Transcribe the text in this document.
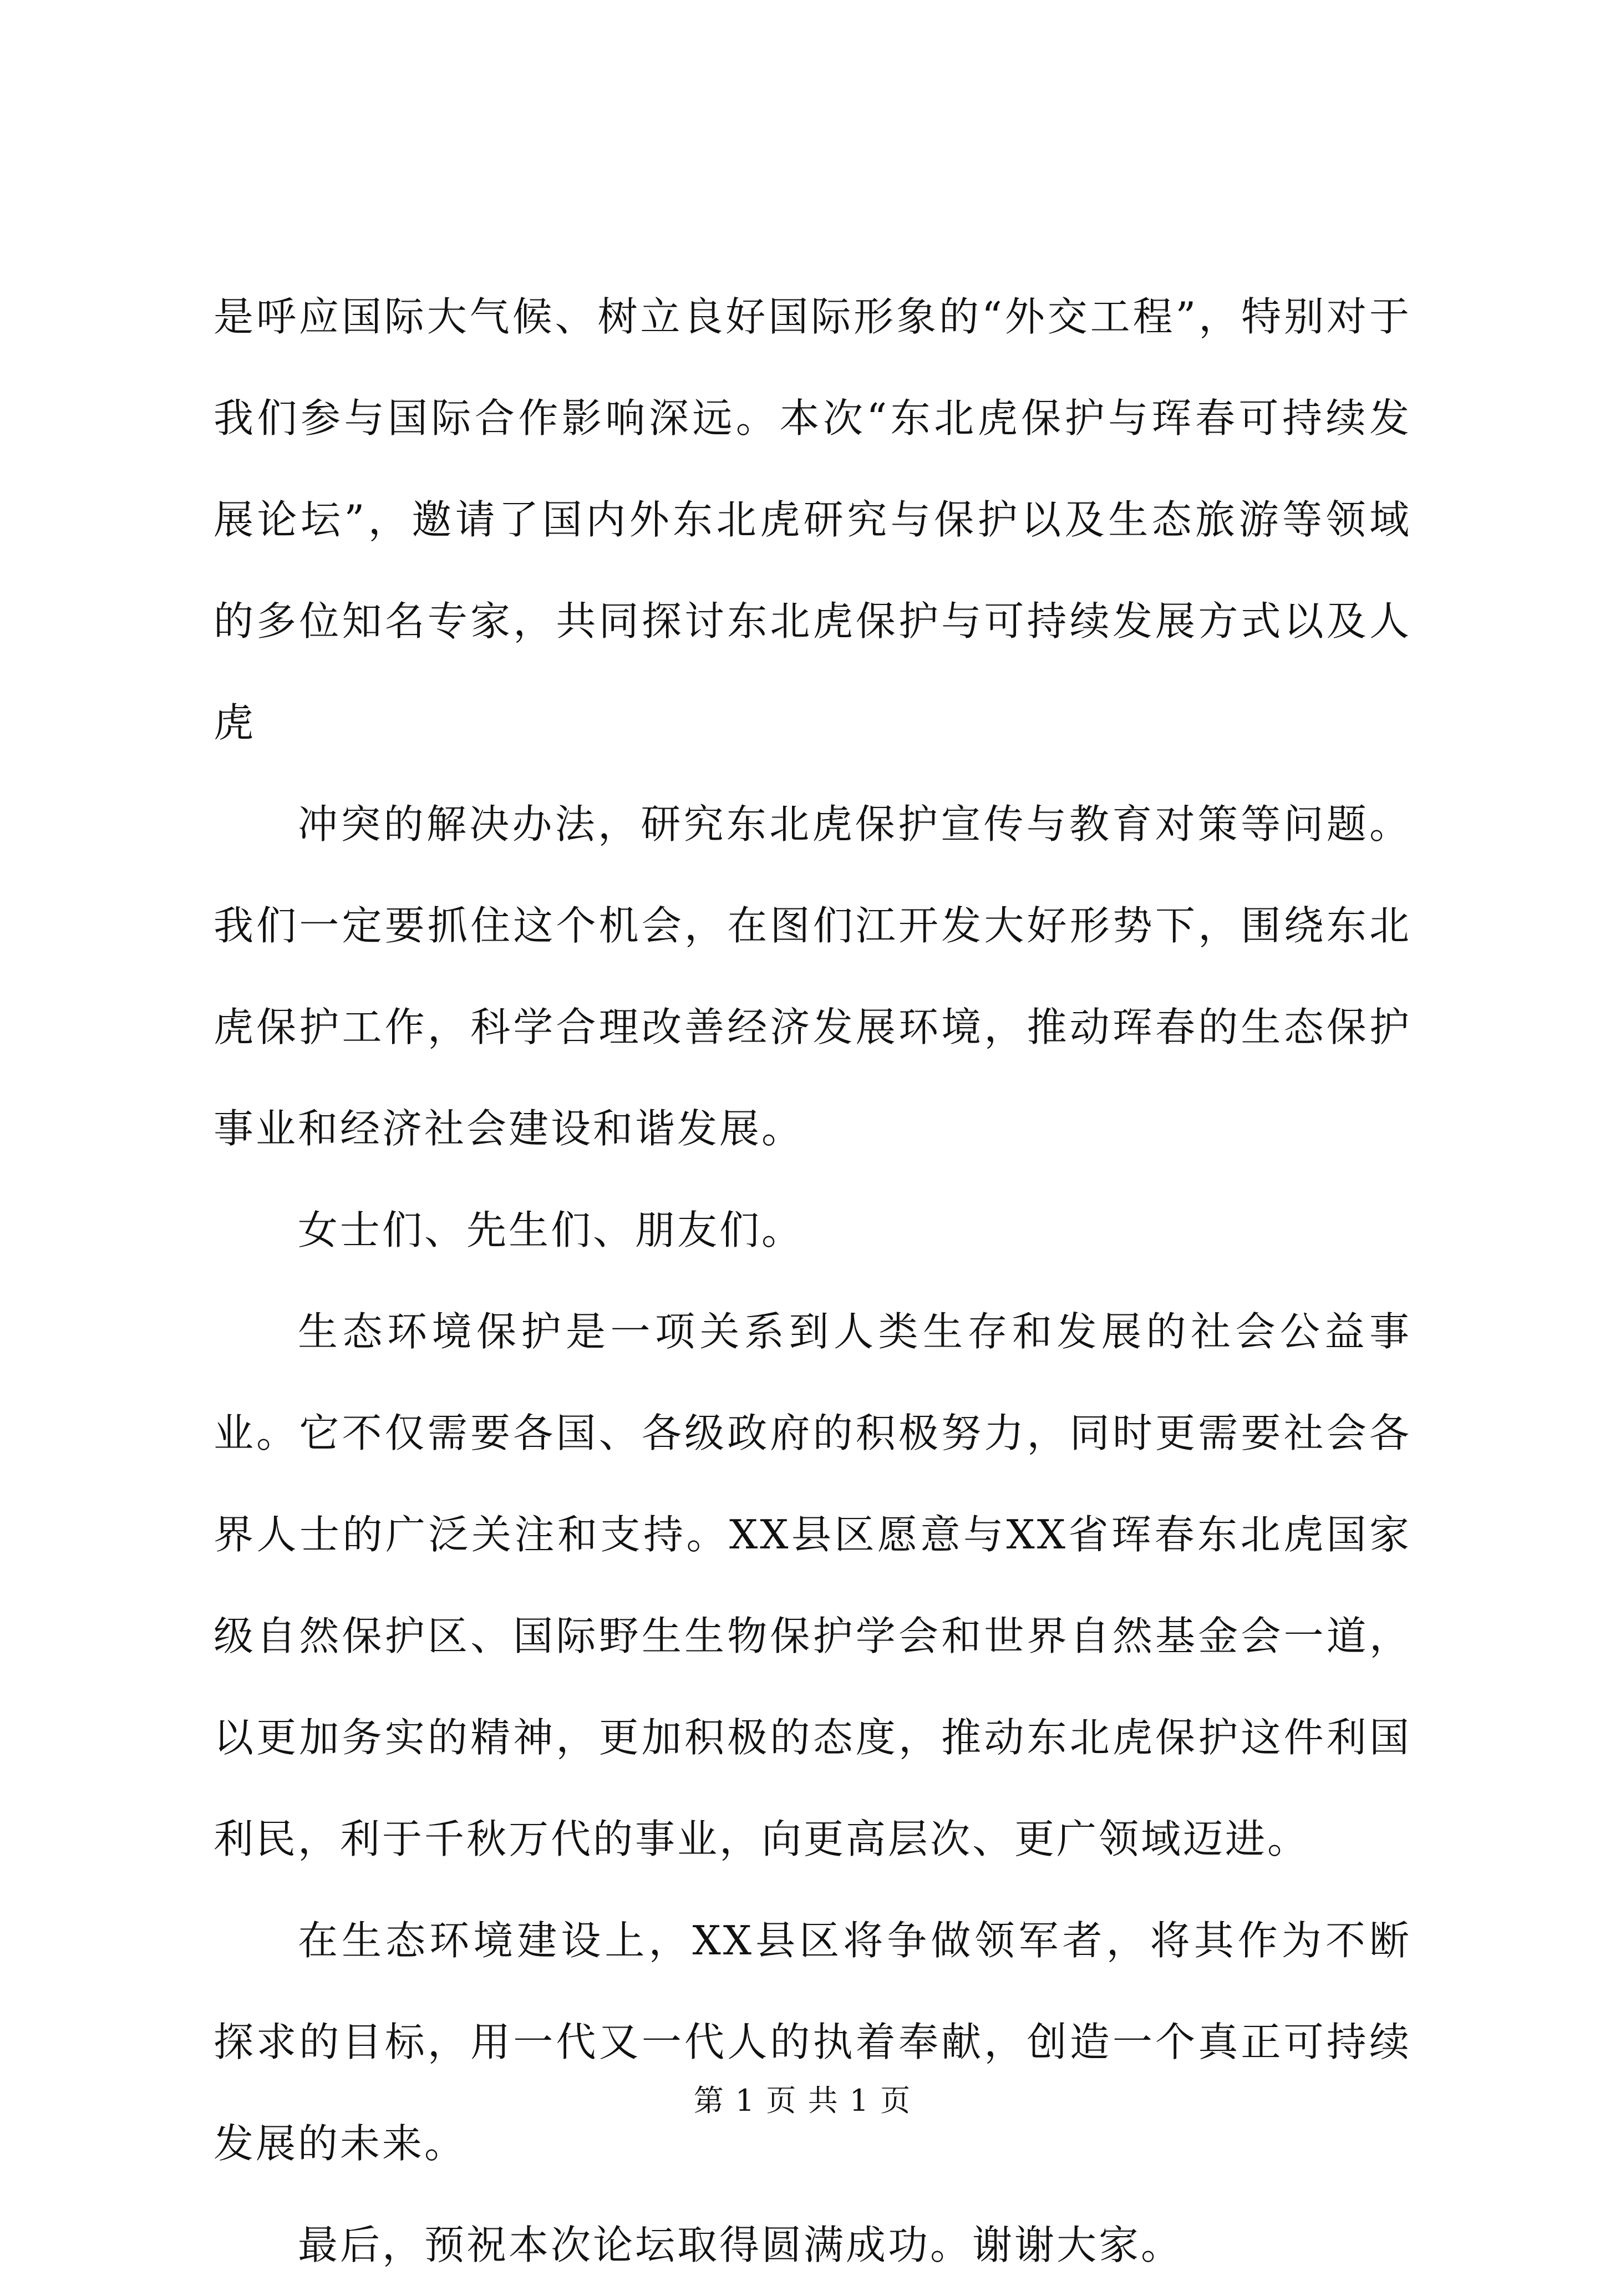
是呼应国际大气候、树立良好国际形象的“外交工程”，特别对于我们参与国际合作影响深远。本次“东北虎保护与珲春可持续发展论坛”，邀请了国内外东北虎研究与保护以及生态旅游等领域的多位知名专家，共同探讨东北虎保护与可持续发展方式以及人虎

冲突的解决办法，研究东北虎保护宣传与教育对策等问题。我们一定要抓住这个机会，在图们江开发大好形势下，围绕东北虎保护工作，科学合理改善经济发展环境，推动珲春的生态保护事业和经济社会建设和谐发展。

女士们、先生们、朋友们。

生态环境保护是一项关系到人类生存和发展的社会公益事业。它不仅需要各国、各级政府的积极努力，同时更需要社会各界人士的广泛关注和支持。XX县区愿意与XX省珲春东北虎国家级自然保护区、国际野生生物保护学会和世界自然基金会一道，以更加务实的精神，更加积极的态度，推动东北虎保护这件利国利民，利于千秋万代的事业，向更高层次、更广领域迈进。

在生态环境建设上，XX县区将争做领军者，将其作为不断探求的目标，用一代又一代人的执着奉献，创造一个真正可持续发展的未来。

最后，预祝本次论坛取得圆满成功。谢谢大家。

第 1 页 共 1 页
